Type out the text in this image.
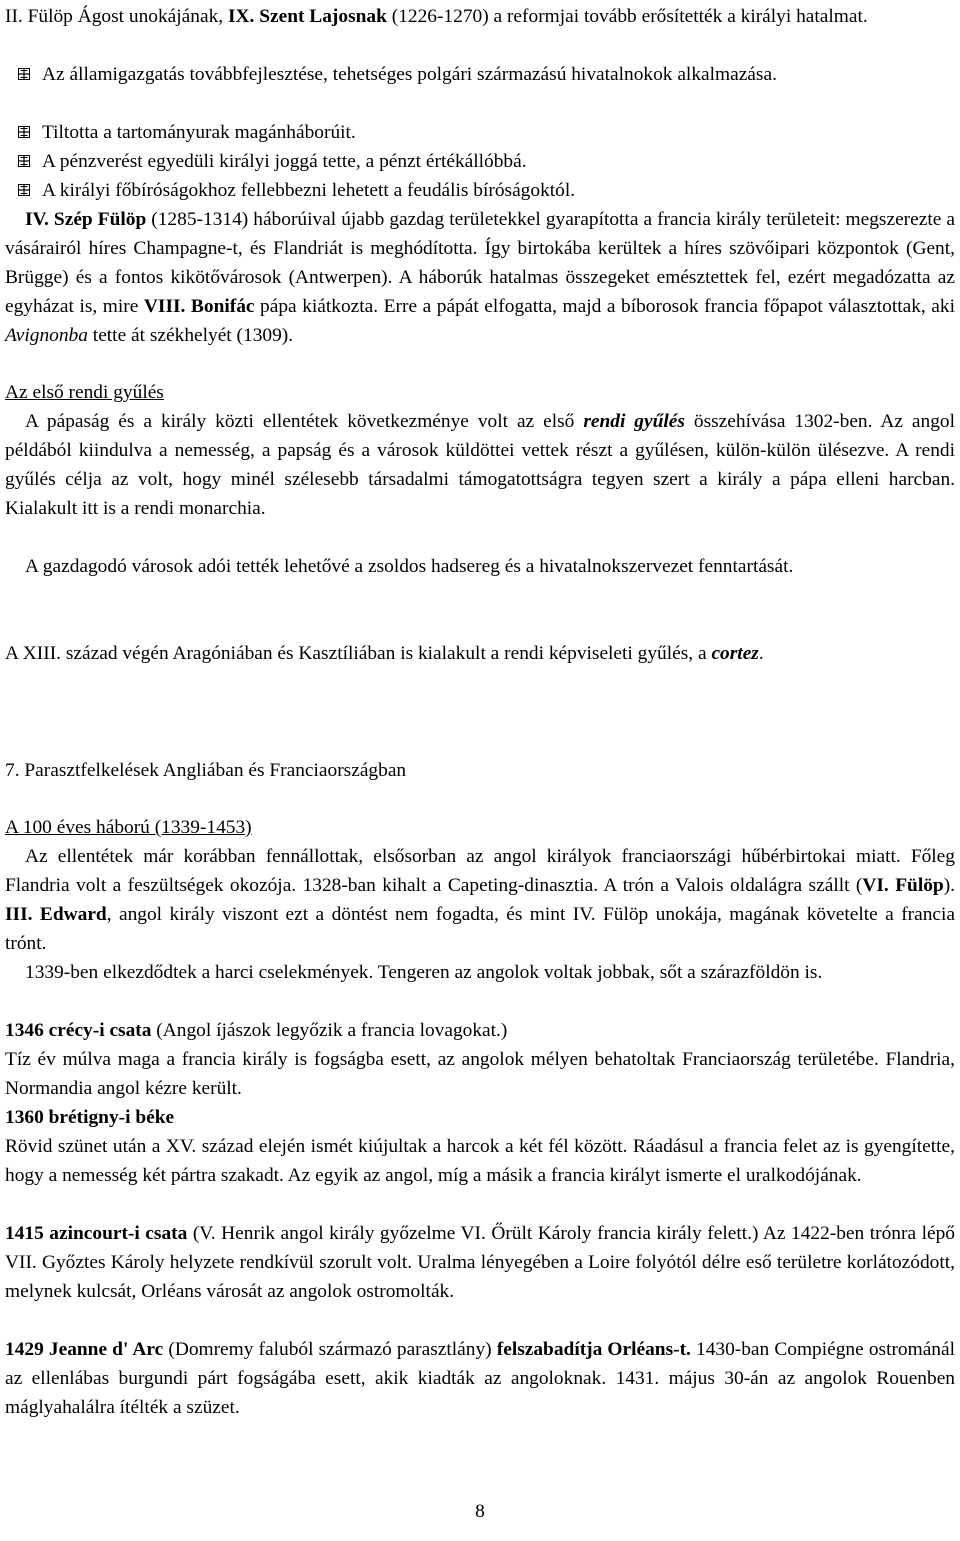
II. Fülöp Ágost unokájának, IX. Szent Lajosnak (1226-1270) a reformjai tovább erősítették a királyi hatalmat.

Az államigazgatás továbbfejlesztése, tehetséges polgári származású hivatalnokok alkalmazása.
Tiltotta a tartományurak magánháborúit.
A pénzverést egyedüli királyi joggá tette, a pénzt értékállóbbá.
A királyi főbíróságokhoz fellebbezni lehetett a feudális bíróságoktól.

IV. Szép Fülöp (1285-1314) háborúival újabb gazdag területekkel gyarapította a francia király területeit: megszerezte a vásárairól híres Champagne-t, és Flandriát is meghódította. Így birtokába kerültek a híres szövőipari központok (Gent, Brügge) és a fontos kikötővárosok (Antwerpen). A háborúk hatalmas összegeket emésztettek fel, ezért megadózatta az egyházat is, mire VIII. Bonifác pápa kiátkozta. Erre a pápát elfogatta, majd a bíborosok francia főpapot választottak, aki Avignonba tette át székhelyét (1309).

Az első rendi gyűlés

A pápaság és a király közti ellentétek következménye volt az első rendi gyűlés összehívása 1302-ben. Az angol példából kiindulva a nemesség, a papság és a városok küldöttei vettek részt a gyűlésen, külön-külön ülésezve. A rendi gyűlés célja az volt, hogy minél szélesebb társadalmi támogatottságra tegyen szert a király a pápa elleni harcban. Kialakult itt is a rendi monarchia.

A gazdagodó városok adói tették lehetővé a zsoldos hadsereg és a hivatalnokszervezet fenntartását.

A XIII. század végén Aragóniában és Kasztíliában is kialakult a rendi képviseleti gyűlés, a cortez.

7. Parasztfelkelések Angliában és Franciaországban

A 100 éves háború (1339-1453)

Az ellentétek már korábban fennállottak, elsősorban az angol királyok franciaországi hűbérbirtokai miatt. Főleg Flandria volt a feszültségek okozója. 1328-ban kihalt a Capeting-dinasztia. A trón a Valois oldalágra szállt (VI. Fülöp). III. Edward, angol király viszont ezt a döntést nem fogadta, és mint IV. Fülöp unokája, magának követelte a francia trónt.

1339-ben elkezdődtek a harci cselekmények. Tengeren az angolok voltak jobbak, sőt a szárazföldön is.

1346 crécy-i csata (Angol íjászok legyőzik a francia lovagokat.)

Tíz év múlva maga a francia király is fogságba esett, az angolok mélyen behatoltak Franciaország területébe. Flandria, Normandia angol kézre került.

1360 brétigny-i béke

Rövid szünet után a XV. század elején ismét kiújultak a harcok a két fél között. Ráadásul a francia felet az is gyengítette, hogy a nemesség két pártra szakadt. Az egyik az angol, míg a másik a francia királyt ismerte el uralkodójának.

1415 azincourt-i csata (V. Henrik angol király győzelme VI. Őrült Károly francia király felett.) Az 1422-ben trónra lépő VII. Győztes Károly helyzete rendkívül szorult volt. Uralma lényegében a Loire folyótól délre eső területre korlátozódott, melynek kulcsát, Orléans városát az angolok ostromolták.

1429 Jeanne d' Arc (Domremy faluból származó parasztlány) felszabadítja Orléans-t. 1430-ban Compiégne ostrománál az ellenlábas burgundi párt fogságába esett, akik kiadták az angoloknak. 1431. május 30-án az angolok Rouenben máglyahalálra ítélték a szüzet.

8
